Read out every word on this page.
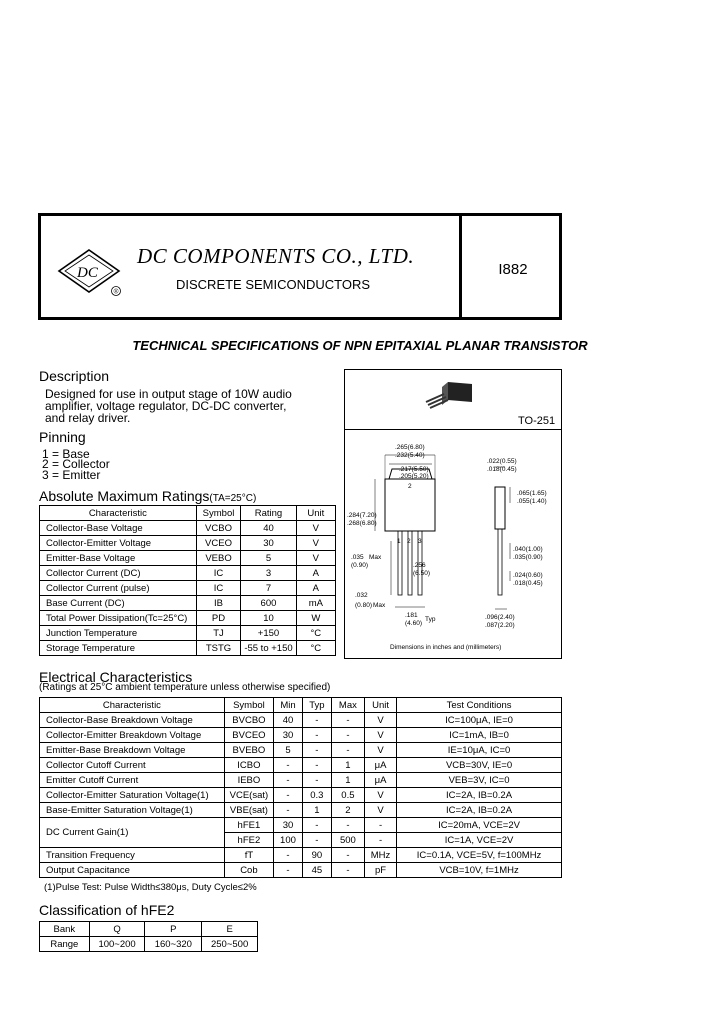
DC
®
DC COMPONENTS CO., LTD.
DISCRETE SEMICONDUCTORS
I882
TECHNICAL SPECIFICATIONS OF NPN EPITAXIAL PLANAR TRANSISTOR
Description
Designed for use in output stage of 10W audio
amplifier, voltage regulator, DC-DC converter,
and relay driver.
Pinning
1 = Base
2 = Collector
3 = Emitter
Absolute Maximum Ratings(TA=25°C)
Characteristic	Symbol	Rating	Unit
Collector-Base Voltage	VCBO	40	V
Collector-Emitter Voltage	VCEO	30	V
Emitter-Base Voltage	VEBO	5	V
Collector Current (DC)	IC	3	A
Collector Current (pulse)	IC	7	A
Base Current (DC)	IB	600	mA
Total Power Dissipation(Tc=25°C)	PD	10	W
Junction Temperature	TJ	+150	°C
Storage Temperature	TSTG	-55 to +150	°C
TO-251
.265(6.80)
.232(5.40)
.217(5.50)
.205(5.20)
.022(0.55)
.018(0.45)
.065(1.65)
.055(1.40)
.284(7.20)
.268(6.80)
.035
(0.90)
Max
.256
(6.50)
.040(1.00)
.035(0.90)
.024(0.60)
.018(0.45)
.032
(0.80) Max
.181
(4.60)
Typ	.096(2.40)
.087(2.20)
1 2 3
2
Dimensions in inches and (millimeters)
Electrical Characteristics
(Ratings at 25°C ambient temperature unless otherwise specified)
Characteristic	Symbol	Min	Typ	Max	Unit	Test Conditions
Collector-Base Breakdown Voltage	BVCBO	40	-	-	V	IC=100μA, IE=0
Collector-Emitter Breakdown Voltage	BVCEO	30	-	-	V	IC=1mA, IB=0
Emitter-Base Breakdown Voltage	BVEBO	5	-	-	V	IE=10μA, IC=0
Collector Cutoff Current	ICBO	-	-	1	μA	VCB=30V, IE=0
Emitter Cutoff Current	IEBO	-	-	1	μA	VEB=3V, IC=0
Collector-Emitter Saturation Voltage(1)	VCE(sat)	-	0.3	0.5	V	IC=2A, IB=0.2A
Base-Emitter Saturation Voltage(1)	VBE(sat)	-	1	2	V	IC=2A, IB=0.2A
DC Current Gain(1)	hFE1	30	-	-	-	IC=20mA, VCE=2V
	hFE2	100	-	500	-	IC=1A, VCE=2V
Transition Frequency	fT	-	90	-	MHz	IC=0.1A, VCE=5V, f=100MHz
Output Capacitance	Cob	-	45	-	pF	VCB=10V, f=1MHz
(1)Pulse Test: Pulse Width≤380μs, Duty Cycle≤2%
Classification of hFE2
Bank	Q	P	E
Range	100~200	160~320	250~500
